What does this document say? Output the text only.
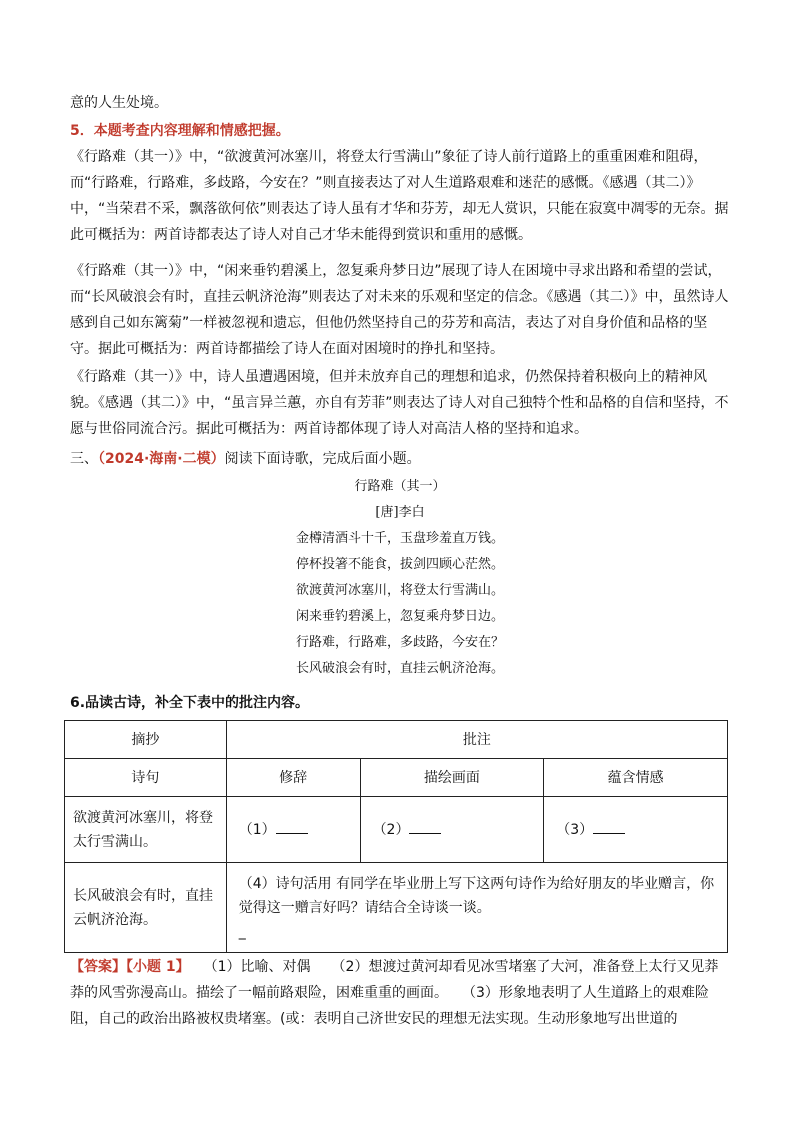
意的人生处境。

5．本题考查内容理解和情感把握。

《行路难（其一）》中，“欲渡黄河冰塞川，将登太行雪满山”象征了诗人前行道路上的重重困难和阻碍，而“行路难，行路难，多歧路，今安在？”则直接表达了对人生道路艰难和迷茫的感慨。《感遇（其二）》中，“当荣君不采，飘落欲何依”则表达了诗人虽有才华和芬芳，却无人赏识，只能在寂寞中凋零的无奈。据此可概括为：两首诗都表达了诗人对自己才华未能得到赏识和重用的感慨。

《行路难（其一）》中，“闲来垂钓碧溪上，忽复乘舟梦日边”展现了诗人在困境中寻求出路和希望的尝试，而“长风破浪会有时，直挂云帆济沧海”则表达了对未来的乐观和坚定的信念。《感遇（其二）》中，虽然诗人感到自己如东篱菊”一样被忽视和遗忘，但他仍然坚持自己的芬芳和高洁，表达了对自身价值和品格的坚守。据此可概括为：两首诗都描绘了诗人在面对困境时的挣扎和坚持。

《行路难（其一）》中，诗人虽遭遇困境，但并未放弃自己的理想和追求，仍然保持着积极向上的精神风貌。《感遇（其二）》中，“虽言异兰蕙，亦自有芳菲”则表达了诗人对自己独特个性和品格的自信和坚持，不愿与世俗同流合污。据此可概括为：两首诗都体现了诗人对高洁人格的坚持和追求。

三、（2024·海南·二模）阅读下面诗歌，完成后面小题。

行路难（其一）
[唐]李白
金樽清酒斗十千，玉盘珍羞直万钱。
停杯投箸不能食，拔剑四顾心茫然。
欲渡黄河冰塞川，将登太行雪满山。
闲来垂钓碧溪上，忽复乘舟梦日边。
行路难，行路难，多歧路，今安在？
长风破浪会有时，直挂云帆济沧海。

6.品读古诗，补全下表中的批注内容。

摘抄	批注		
诗句	修辞	描绘画面	蕴含情感
欲渡黄河冰塞川，将登太行雪满山。	（1）	（2）	（3）
长风破浪会有时，直挂云帆济沧海。	（4）诗句活用 有同学在毕业册上写下这两句诗作为给好朋友的毕业赠言，你觉得这一赠言好吗？请结合全诗谈一谈。
_		

【答案】【小题 1】　　 （1）比喻、对偶　　（2）想渡过黄河却看见冰雪堵塞了大河，准备登上太行又见莽莽的风雪弥漫高山。描绘了一幅前路艰险，困难重重的画面。　　（3）形象地表明了人生道路上的艰难险阻，自己的政治出路被权贵堵塞。(或：表明自己济世安民的理想无法实现。生动形象地写出世道的
